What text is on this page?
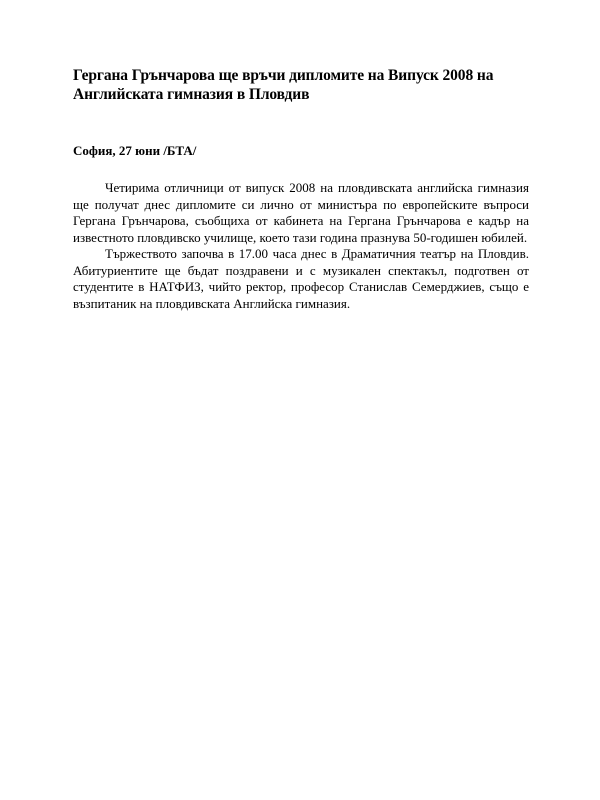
Гергана Грънчарова ще връчи дипломите на Випуск 2008 на Английската гимназия в Пловдив

София, 27 юни /БТА/

Четирима отличници от випуск 2008 на пловдивската английска гимназия ще получат днес дипломите си лично от министъра по европейските въпроси Гергана Грънчарова, съобщиха от кабинета на Гергана Грънчарова е кадър на известното пловдивско училище, което тази година празнува 50-годишен юбилей.

Тържеството започва в 17.00 часа днес в Драматичния театър на Пловдив. Абитуриентите ще бъдат поздравени и с музикален спектакъл, подготвен от студентите в НАТФИЗ, чийто ректор, професор Станислав Семерджиев, също е възпитаник на пловдивската Английска гимназия.
